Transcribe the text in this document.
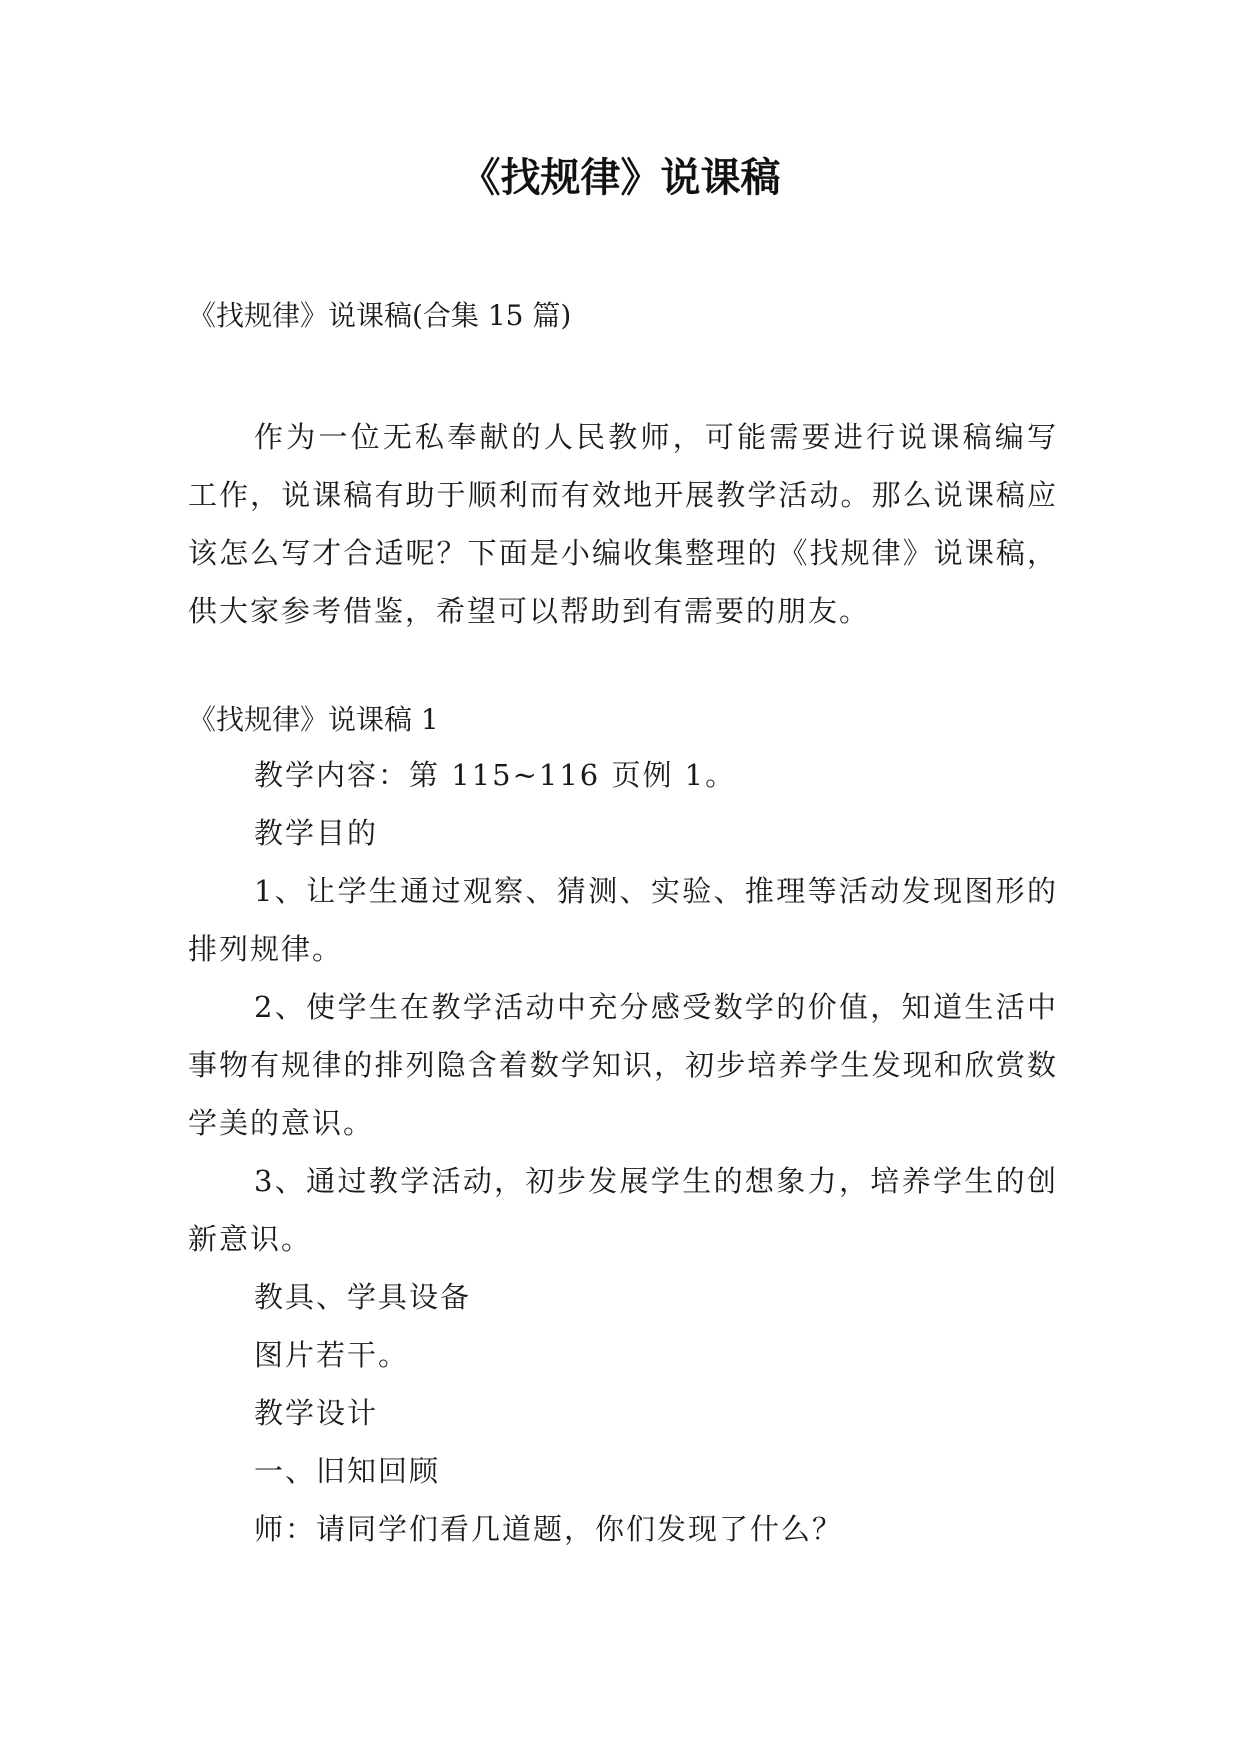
《找规律》说课稿

《找规律》说课稿(合集 15 篇)

作为一位无私奉献的人民教师，可能需要进行说课稿编写工作，说课稿有助于顺利而有效地开展教学活动。那么说课稿应该怎么写才合适呢？下面是小编收集整理的《找规律》说课稿，供大家参考借鉴，希望可以帮助到有需要的朋友。

《找规律》说课稿 1

教学内容：第 115~116 页例 1。

教学目的

1、让学生通过观察、猜测、实验、推理等活动发现图形的排列规律。

2、使学生在教学活动中充分感受数学的价值，知道生活中事物有规律的排列隐含着数学知识，初步培养学生发现和欣赏数学美的意识。

3、通过教学活动，初步发展学生的想象力，培养学生的创新意识。

教具、学具设备

图片若干。

教学设计

一、旧知回顾

师：请同学们看几道题，你们发现了什么？
